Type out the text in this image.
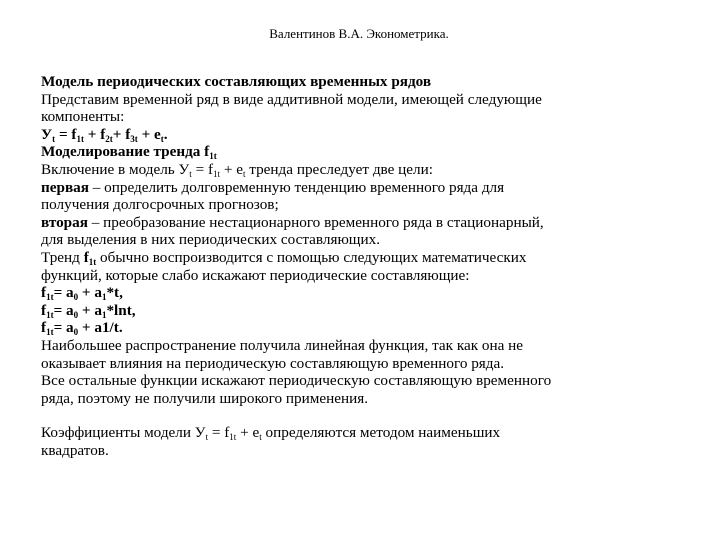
Валентинов В.А. Эконометрика.
Модель периодических составляющих временных рядов
Представим временной ряд в виде аддитивной модели, имеющей следующие
компоненты:
$У_t = f_{1t} + f_{2t}+ f_{3t} + e_t$.
Моделирование тренда $f_{1t}$
Включение в модель $У_t = f_{1t} + e_t$ тренда преследует две цели:
первая – определить долговременную тенденцию временного ряда для
получения долгосрочных прогнозов;
вторая – преобразование нестационарного временного ряда в стационарный,
для выделения в них периодических составляющих.
Тренд $f_{1t}$ обычно воспроизводится с помощью следующих математических
функций, которые слабо искажают периодические составляющие:
$f_{1t}= a_0 + a_1*t$,
$f_{1t}= a_0 + a_1*\ln t$,
$f_{1t}= a_0 + a1/t$.
Наибольшее распространение получила линейная функция, так как она не
оказывает влияния на периодическую составляющую временного ряда.
Все остальные функции искажают периодическую составляющую временного
ряда, поэтому не получили широкого применения.
Коэффициенты модели $У_t = f_{1t} + e_t$ определяются методом наименьших
квадратов.
